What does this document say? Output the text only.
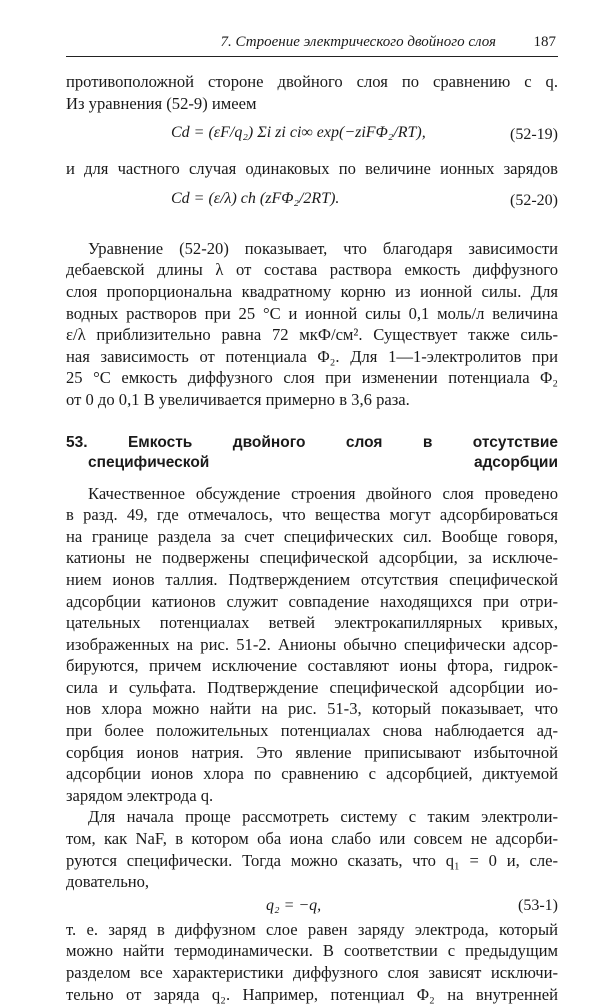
7. Строение электрического двойного слоя	187

противоположной стороне двойного слоя по сравнению с q.

Из уравнения (52-9) имеем

Cd = (εF/q₂) Σi zi ci∞ exp(−ziFΦ₂/RT),	(52-19)

и для частного случая одинаковых по величине ионных зарядов

Cd = (ε/λ) ch (zFΦ₂/2RT).	(52-20)

Уравнение (52-20) показывает, что благодаря зависимости

дебаевской длины λ от состава раствора емкость диффузного

слоя пропорциональна квадратному корню из ионной силы. Для

водных растворов при 25 °С и ионной силы 0,1 моль/л величина

ε/λ приблизительно равна 72 мкФ/см². Существует также силь-

ная зависимость от потенциала Φ₂. Для 1—1-электролитов при

25 °С емкость диффузного слоя при изменении потенциала Φ₂

от 0 до 0,1 В увеличивается примерно в 3,6 раза.

53. Емкость двойного слоя в отсутствие
специфической адсорбции

Качественное обсуждение строения двойного слоя проведено

в разд. 49, где отмечалось, что вещества могут адсорбироваться

на границе раздела за счет специфических сил. Вообще говоря,

катионы не подвержены специфической адсорбции, за исключе-

нием ионов таллия. Подтверждением отсутствия специфической

адсорбции катионов служит совпадение находящихся при отри-

цательных потенциалах ветвей электрокапиллярных кривых,

изображенных на рис. 51-2. Анионы обычно специфически адсор-

бируются, причем исключение составляют ионы фтора, гидрок-

сила и сульфата. Подтверждение специфической адсорбции ио-

нов хлора можно найти на рис. 51-3, который показывает, что

при более положительных потенциалах снова наблюдается ад-

сорбция ионов натрия. Это явление приписывают избыточной

адсорбции ионов хлора по сравнению с адсорбцией, диктуемой

зарядом электрода q.

Для начала проще рассмотреть систему с таким электроли-

том, как NaF, в котором оба иона слабо или совсем не адсорби-

руются специфически. Тогда можно сказать, что q₁ = 0 и, сле-

довательно,

q₂ = −q,	(53-1)

т. е. заряд в диффузном слое равен заряду электрода, который

можно найти термодинамически. В соответствии с предыдущим

разделом все характеристики диффузного слоя зависят исключи-

тельно от заряда q₂. Например, потенциал Φ₂ на внутренней
